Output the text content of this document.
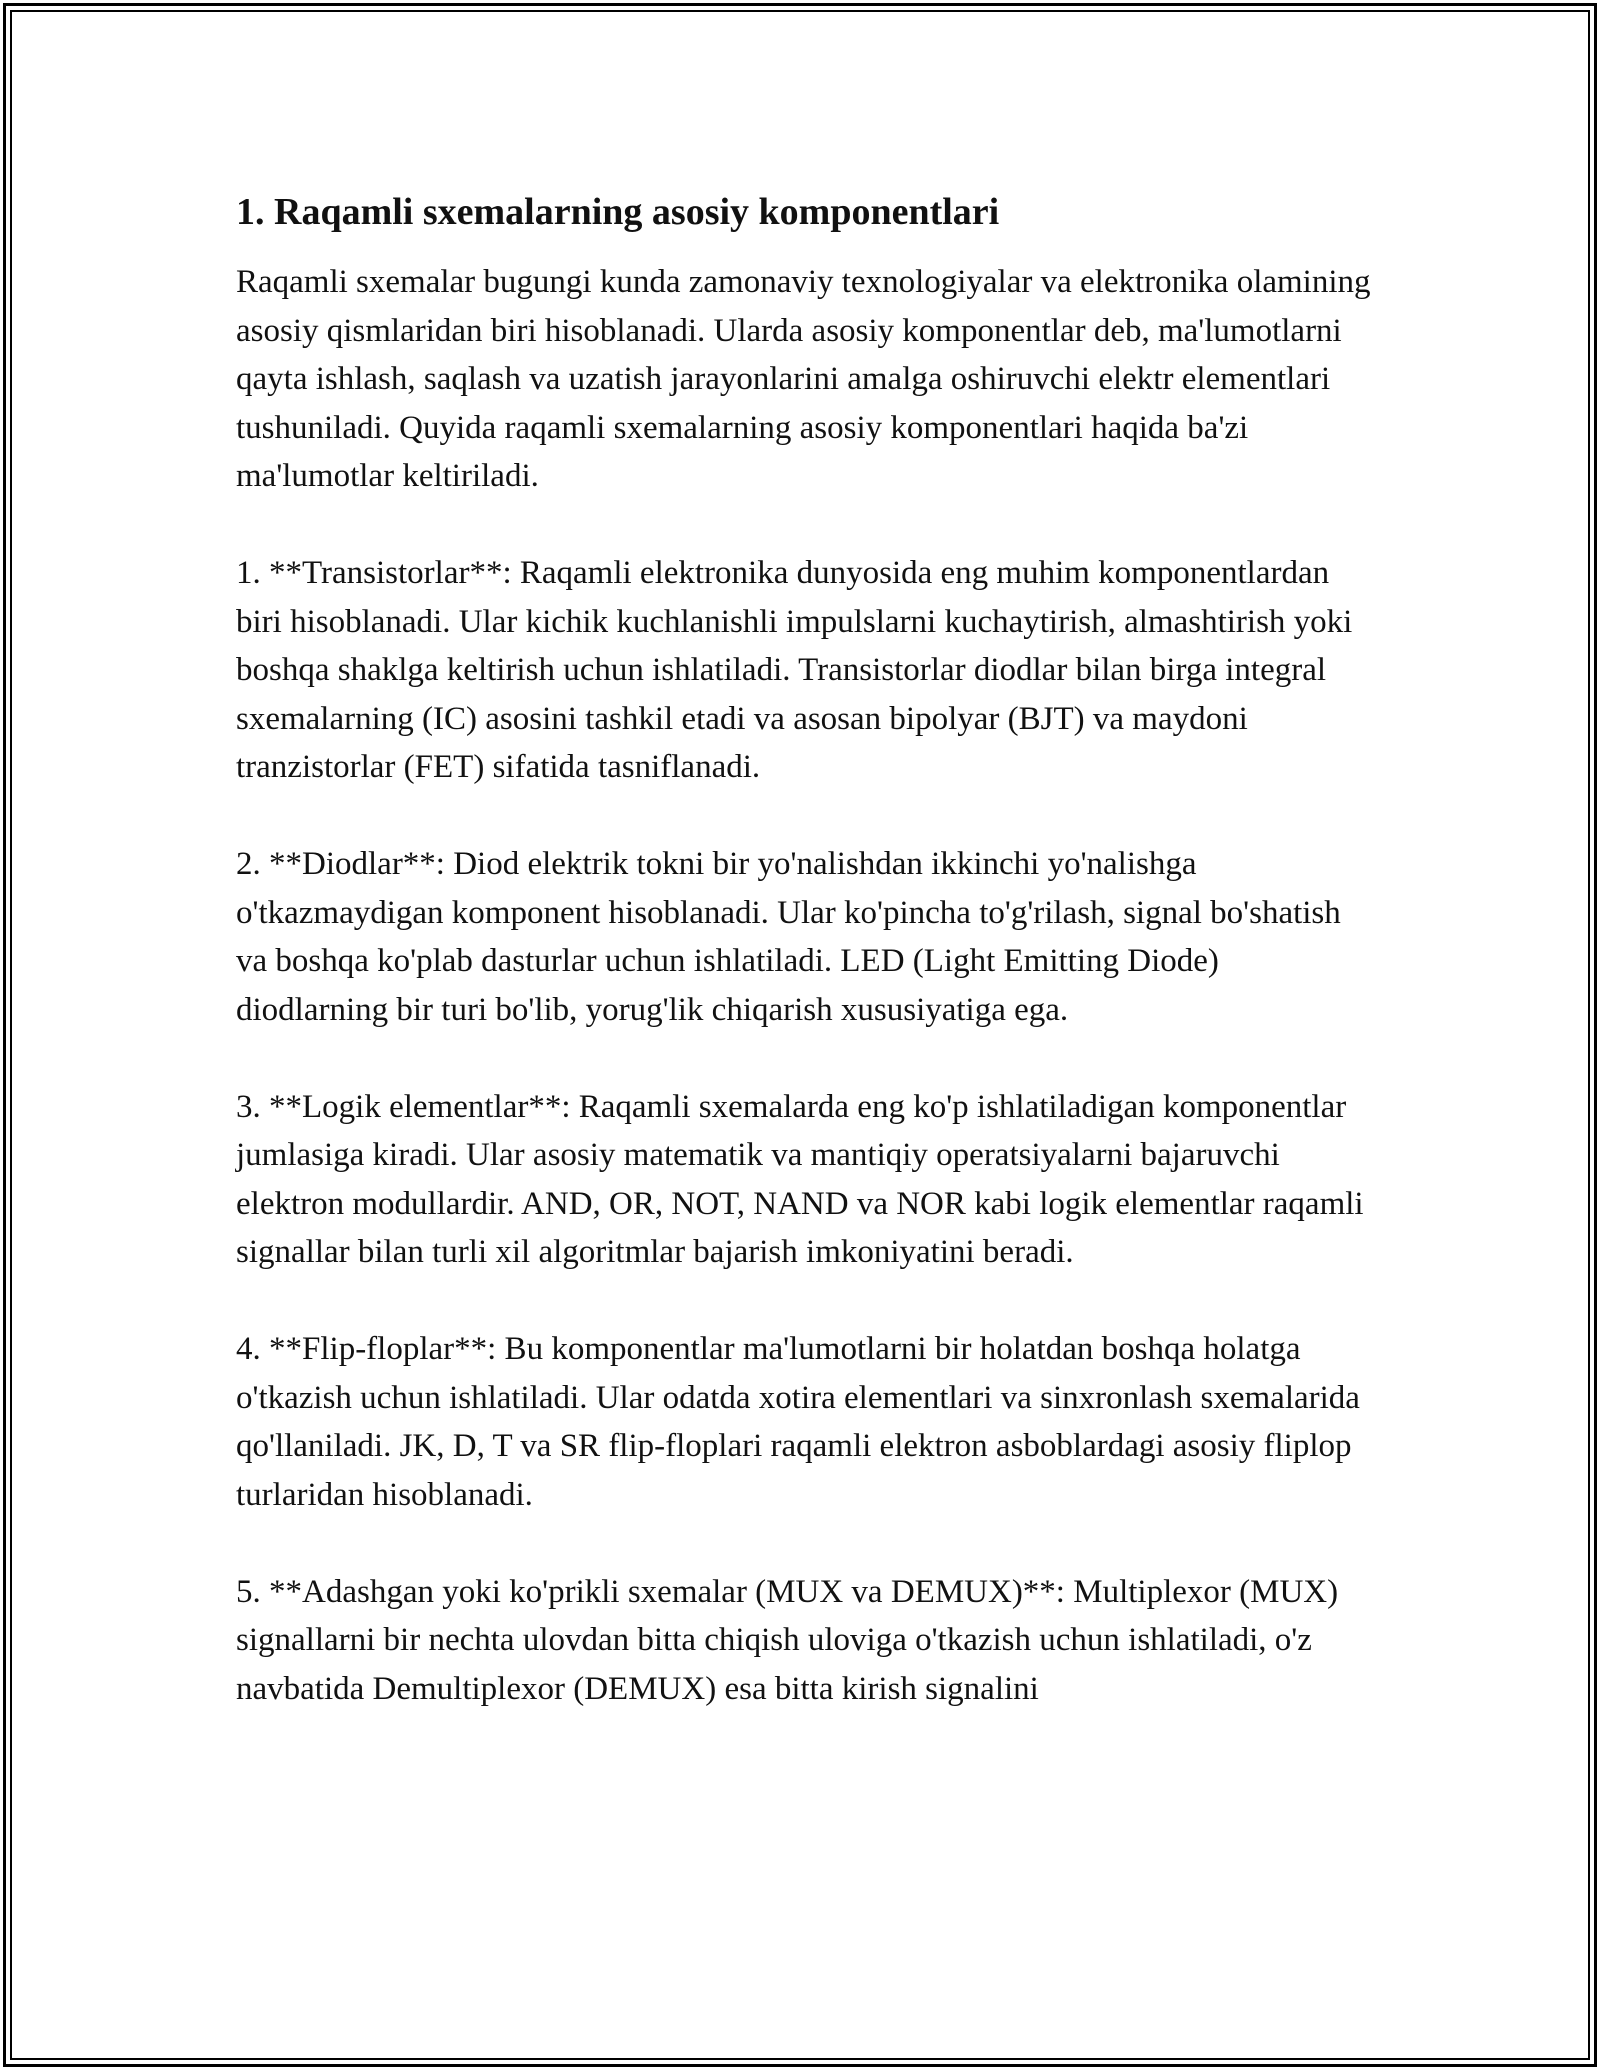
1. Raqamli sxemalarning asosiy komponentlari

Raqamli sxemalar bugungi kunda zamonaviy texnologiyalar va elektronika olamining asosiy qismlaridan biri hisoblanadi. Ularda asosiy komponentlar deb, ma'lumotlarni qayta ishlash, saqlash va uzatish jarayonlarini amalga oshiruvchi elektr elementlari tushuniladi. Quyida raqamli sxemalarning asosiy komponentlari haqida ba'zi ma'lumotlar keltiriladi.

1. **Transistorlar**: Raqamli elektronika dunyosida eng muhim komponentlardan biri hisoblanadi. Ular kichik kuchlanishli impulslarni kuchaytirish, almashtirish yoki boshqa shaklga keltirish uchun ishlatiladi. Transistorlar diodlar bilan birga integral sxemalarning (IC) asosini tashkil etadi va asosan bipolyar (BJT) va maydoni tranzistorlar (FET) sifatida tasniflanadi.

2. **Diodlar**: Diod elektrik tokni bir yo'nalishdan ikkinchi yo'nalishga o'tkazmaydigan komponent hisoblanadi. Ular ko'pincha to'g'rilash, signal bo'shatish va boshqa ko'plab dasturlar uchun ishlatiladi. LED (Light Emitting Diode) diodlarning bir turi bo'lib, yorug'lik chiqarish xususiyatiga ega.

3. **Logik elementlar**: Raqamli sxemalarda eng ko'p ishlatiladigan komponentlar jumlasiga kiradi. Ular asosiy matematik va mantiqiy operatsiyalarni bajaruvchi elektron modullardir. AND, OR, NOT, NAND va NOR kabi logik elementlar raqamli signallar bilan turli xil algoritmlar bajarish imkoniyatini beradi.

4. **Flip-floplar**: Bu komponentlar ma'lumotlarni bir holatdan boshqa holatga o'tkazish uchun ishlatiladi. Ular odatda xotira elementlari va sinxronlash sxemalarida qo'llaniladi. JK, D, T va SR flip-floplari raqamli elektron asboblardagi asosiy fliplop turlaridan hisoblanadi.

5. **Adashgan yoki ko'prikli sxemalar (MUX va DEMUX)**: Multiplexor (MUX) signallarni bir nechta ulovdan bitta chiqish uloviga o'tkazish uchun ishlatiladi, o'z navbatida Demultiplexor (DEMUX) esa bitta kirish signalini
